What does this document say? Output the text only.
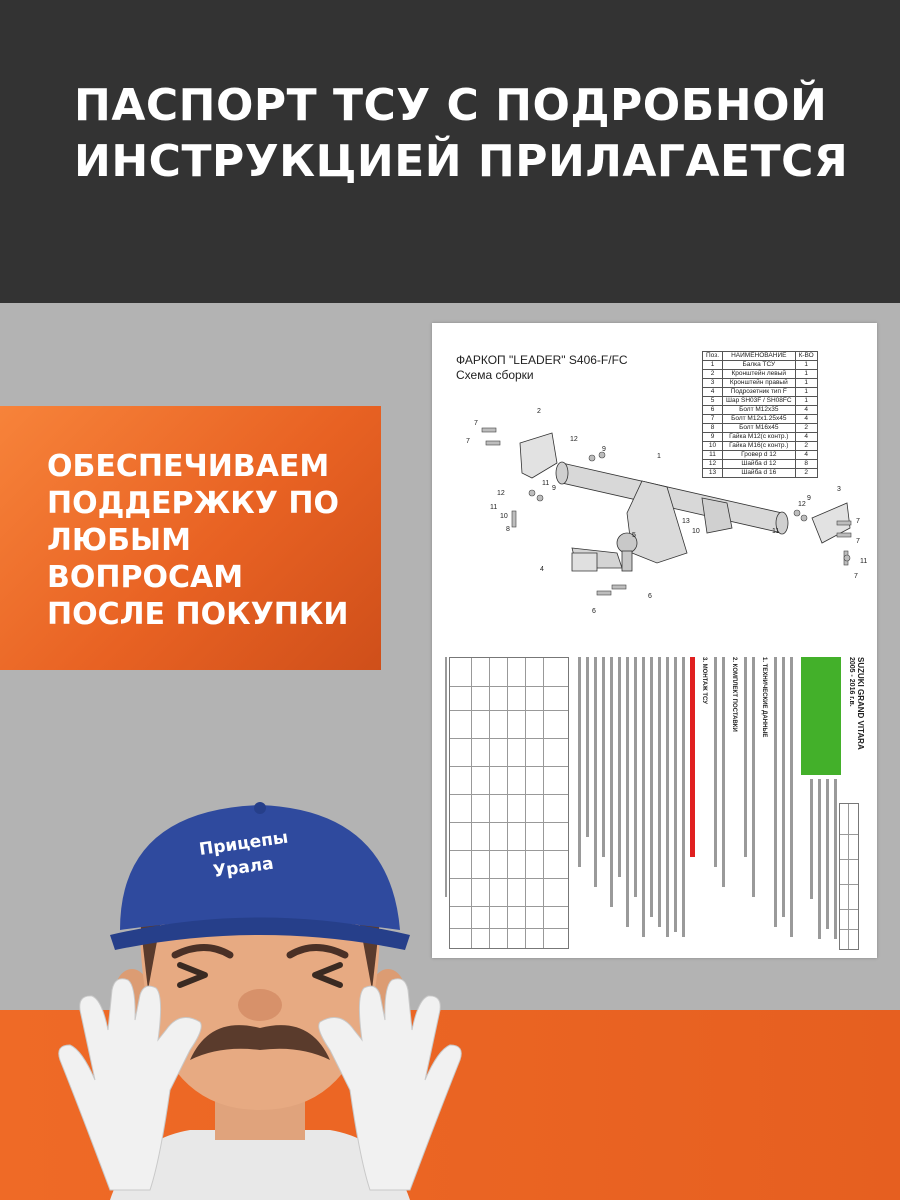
ПАСПОРТ ТСУ С ПОДРОБНОЙ
ИНСТРУКЦИЕЙ ПРИЛАГАЕТСЯ
ОБЕСПЕЧИВАЕМ
ПОДДЕРЖКУ ПО
ЛЮБЫМ
ВОПРОСАМ
ПОСЛЕ ПОКУПКИ
ФАРКОП "LEADER" S406-F/FC
Схема сборки
Поз.	НАИМЕНОВАНИЕ	К-ВО
1	Балка ТСУ	1
2	Кронштейн левый	1
3	Кронштейн правый	1
4	Подрозетник тип F	1
5	Шар SH03F / SH08FC	1
6	Болт М12х35	4
7	Болт М12х1.25х45	4
8	Болт М16х45	2
9	Гайка М12(с контр.)	4
10	Гайка М16(с контр.)	2
11	Гровер d 12	4
12	Шайба d 12	8
13	Шайба d 16	2
2
7
7	12
9
1
12
11
9
11
10
8
3
9
12
11
7
7
11
7
13
10
5
4
6
6
SUZUKI GRAND VITARA
2005 - 2016 г.в.
1. ТЕХНИЧЕСКИЕ ДАННЫЕ
2. КОМПЛЕКТ ПОСТАВКИ
3. МОНТАЖ ТСУ
Прицепы
Урала
